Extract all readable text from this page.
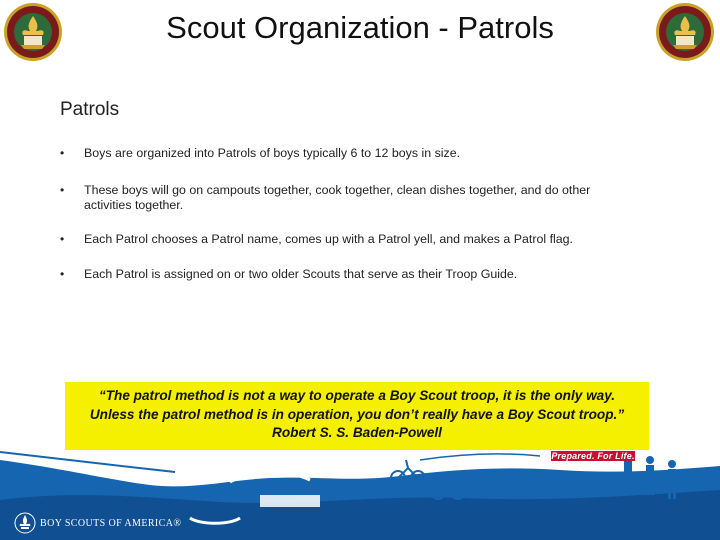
Scout Organization - Patrols
Patrols
• Boys are organized into Patrols of boys typically 6 to 12 boys in size.
• These boys will go on campouts together, cook together, clean dishes together, and do other activities together.
• Each Patrol chooses a Patrol name, comes up with a Patrol yell, and makes a Patrol flag.
• Each Patrol is assigned on or two older Scouts that serve as their Troop Guide.
“The patrol method is not a way to operate a Boy Scout troop, it is the only way.
Unless the patrol method is in operation, you don’t really have a Boy Scout troop.”
Robert S. S. Baden-Powell
Prepared. For Life.
BOY SCOUTS OF AMERICA®
